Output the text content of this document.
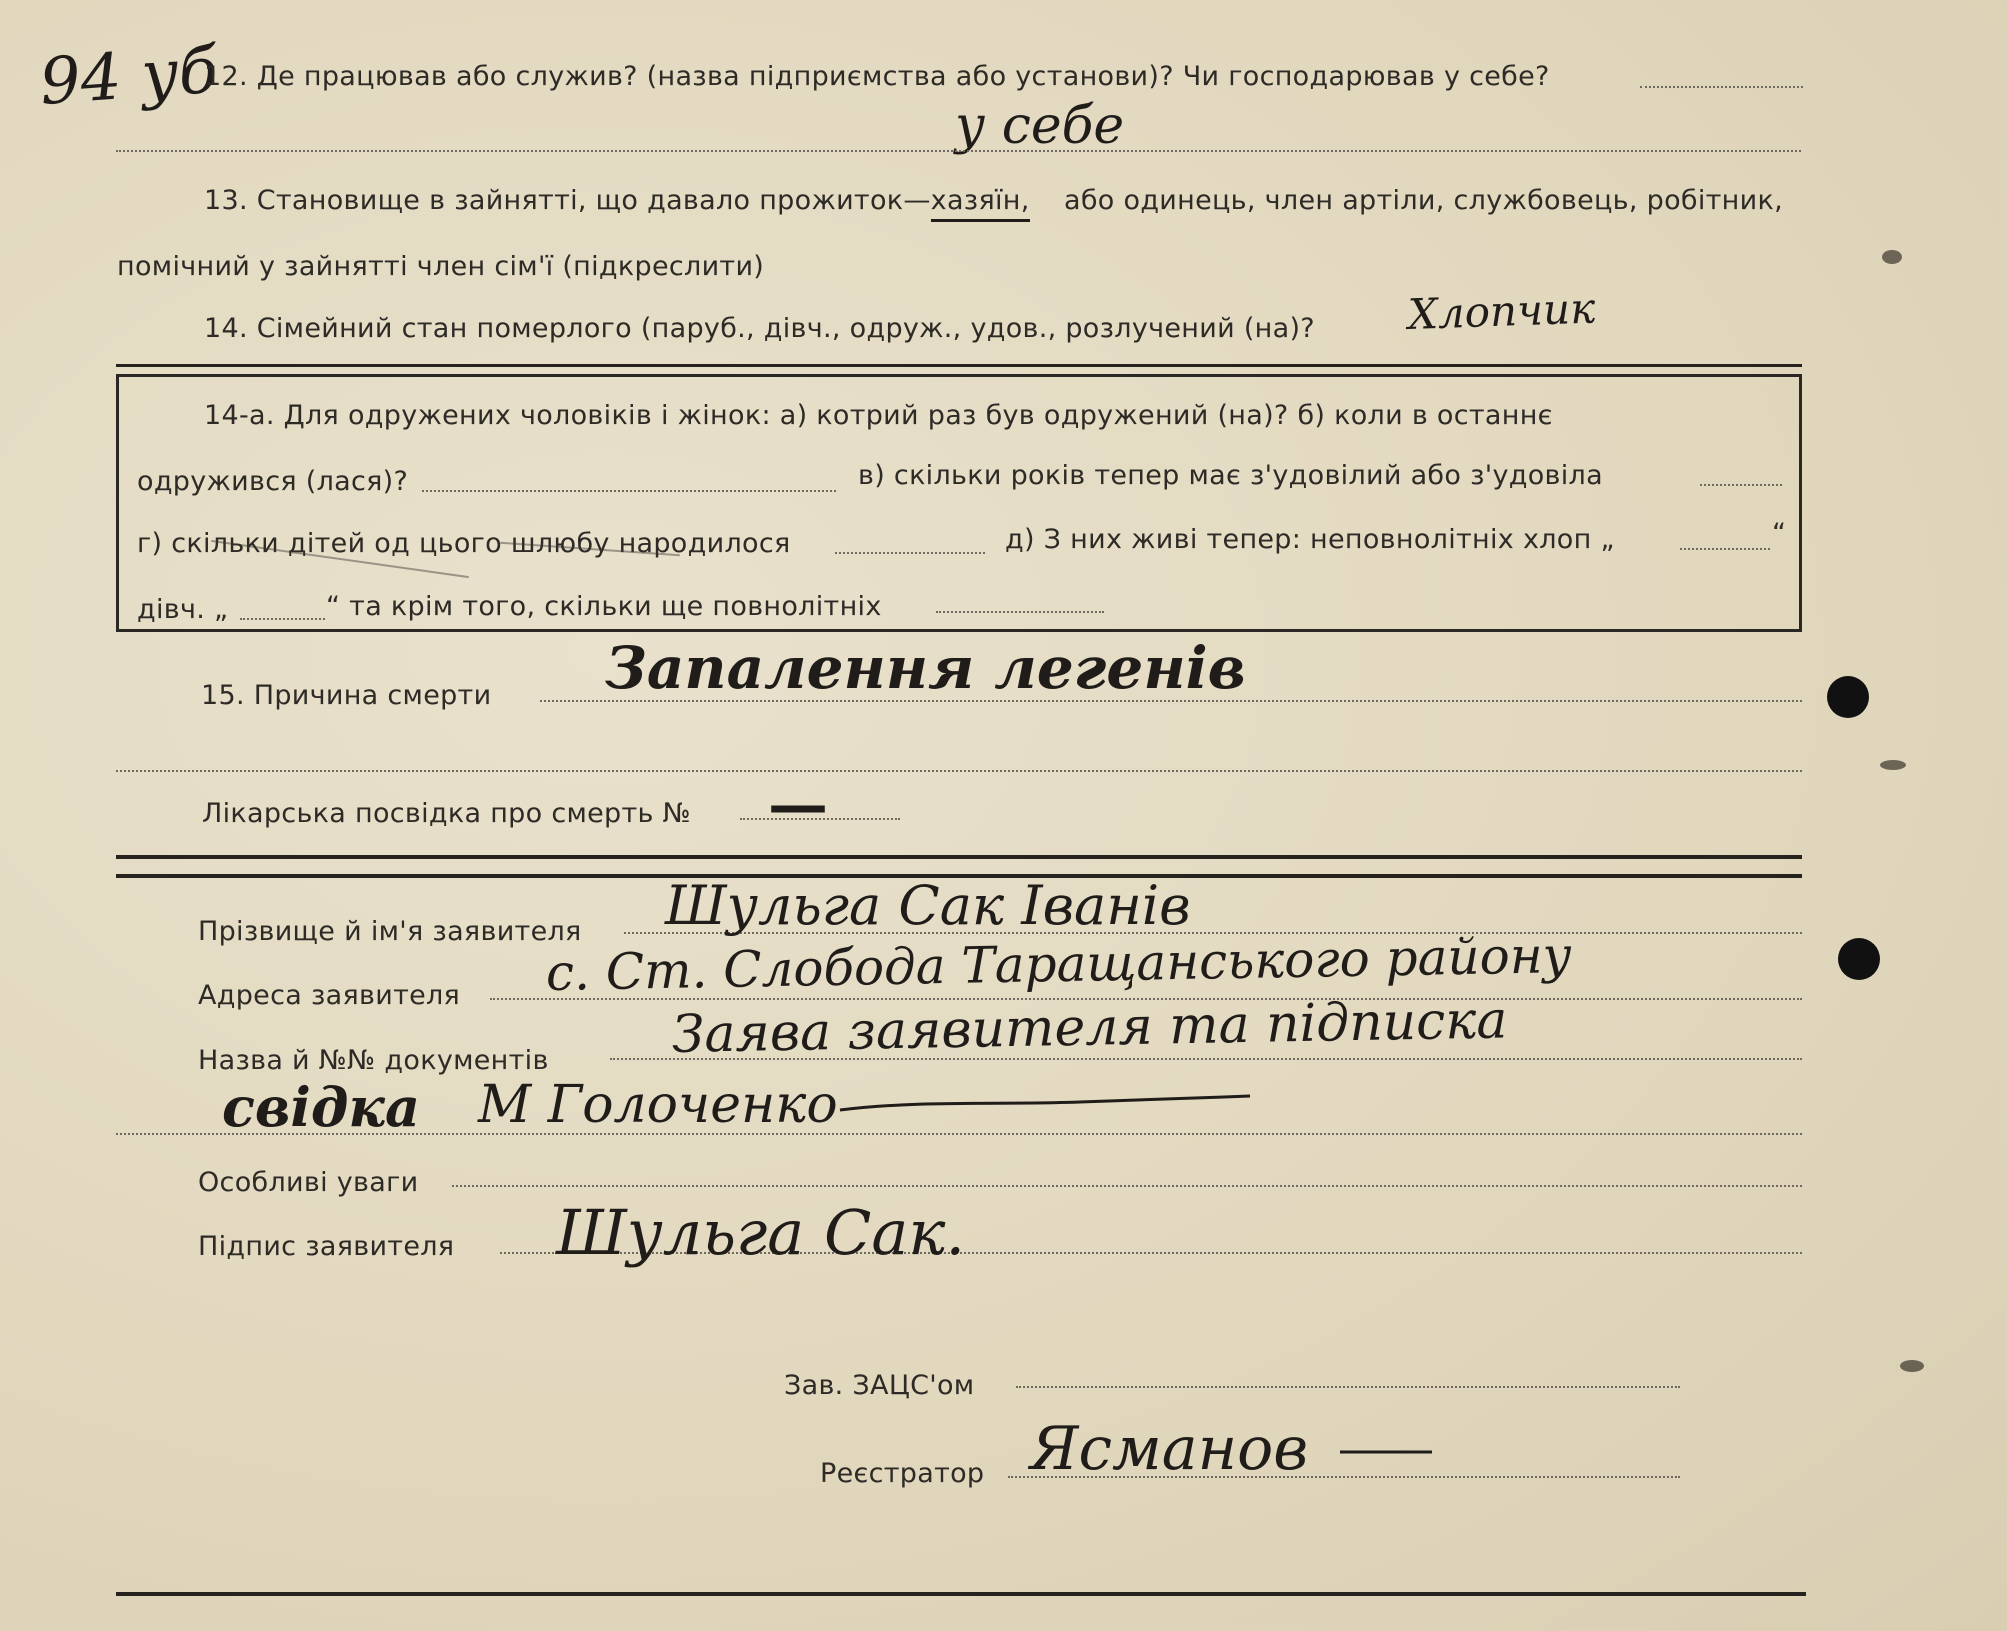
94 уб
12. Де працював або служив? (назва підприємства або установи)? Чи господарював у себе?
у себе
13. Становище в зайнятті, що давало прожиток—хазяїн, або одинець, член артіли, службовець, робітник,
помічний у зайнятті член сім'ї (підкреслити)
14. Сімейний стан померлого (паруб., дівч., одруж., удов., розлучений (на)? Хлопчик
14-а. Для одружених чоловіків і жінок: а) котрий раз був одружений (на)? б) коли в останнє
одружився (лася)?	в) скільки років тепер має з'удовілий або з'удовіла
г) скільки дітей од цього шлюбу народилося	д) З них живі тепер: неповнолітніх хлоп „	“
дівч. „	“ та крім того, скільки ще повнолітніх
15. Причина смерти Запалення легенів
Лікарська посвідка про смерть № —
Прізвище й ім'я заявителя Шульга Сак Іванів
Адреса заявителя с. Ст. Слобода Таращанського району
Назва й №№ документів Заява заявителя та підписка
свідка М Голоченко
Особливі уваги
Підпис заявителя Шульга Сак.
Зав. ЗАЦС'ом
Реєстратор Ясманов
